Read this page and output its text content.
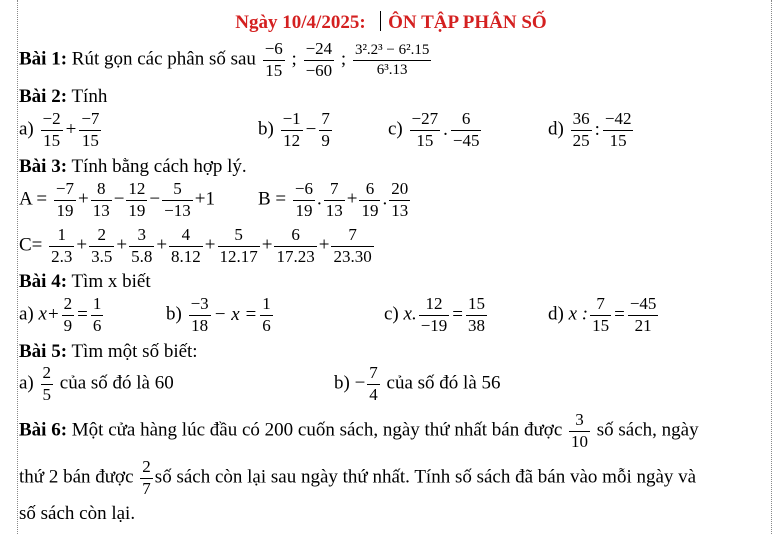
Ngày 10/4/2025: ÔN TẬP PHÂN SỐ
Bài 1: Rút gọn các phân số sau $\frac{-6}{15}$ ; $\frac{-24}{-60}$ ; $\frac{\text{3².2³ − 6².15}}{\text{6³.13}}$
Bài 2: Tính
$a) \frac{-2}{15} + \frac{-7}{15}$	$b) \frac{-1}{12} - \frac{7}{9}$	$c) \frac{-27}{15}$ . $\frac{6}{-45}$	$d) \frac{36}{25}$ : $\frac{-42}{15}$
Bài 3: Tính bằng cách hợp lý.
$A = \frac{-7}{19} + \frac{8}{13} - \frac{12}{19} - \frac{5}{-13} +1$ $B = \frac{-6}{19}$ . $\frac{7}{13} + \frac{6}{19}$ . $\frac{20}{13}$
$C= \frac{1}{2.3} + \frac{2}{3.5} + \frac{3}{5.8} + \frac{4}{8.12} + \frac{5}{12.17} + \frac{6}{17.23} + \frac{7}{23.30}$
Bài 4: Tìm x biết
a) $x+ \frac{2}{9} = \frac{1}{6}$	$b) \frac{-3}{18} - x = \frac{1}{6}$	c) x. $\frac{12}{-19} = \frac{15}{38}$	d) x : $\frac{7}{15} = \frac{-45}{21}$
Bài 5: Tìm một số biết:
$a) \frac{2}{5}$ của số đó là 60	$b) - \frac{7}{4}$ của số đó là 56
Bài 6: Một cửa hàng lúc đầu có 200 cuốn sách, ngày thứ nhất bán được $\frac{3}{10}$ số sách, ngày
thứ 2 bán được $\frac{2}{7}$ số sách còn lại sau ngày thứ nhất. Tính số sách đã bán vào mỗi ngày và
số sách còn lại.
